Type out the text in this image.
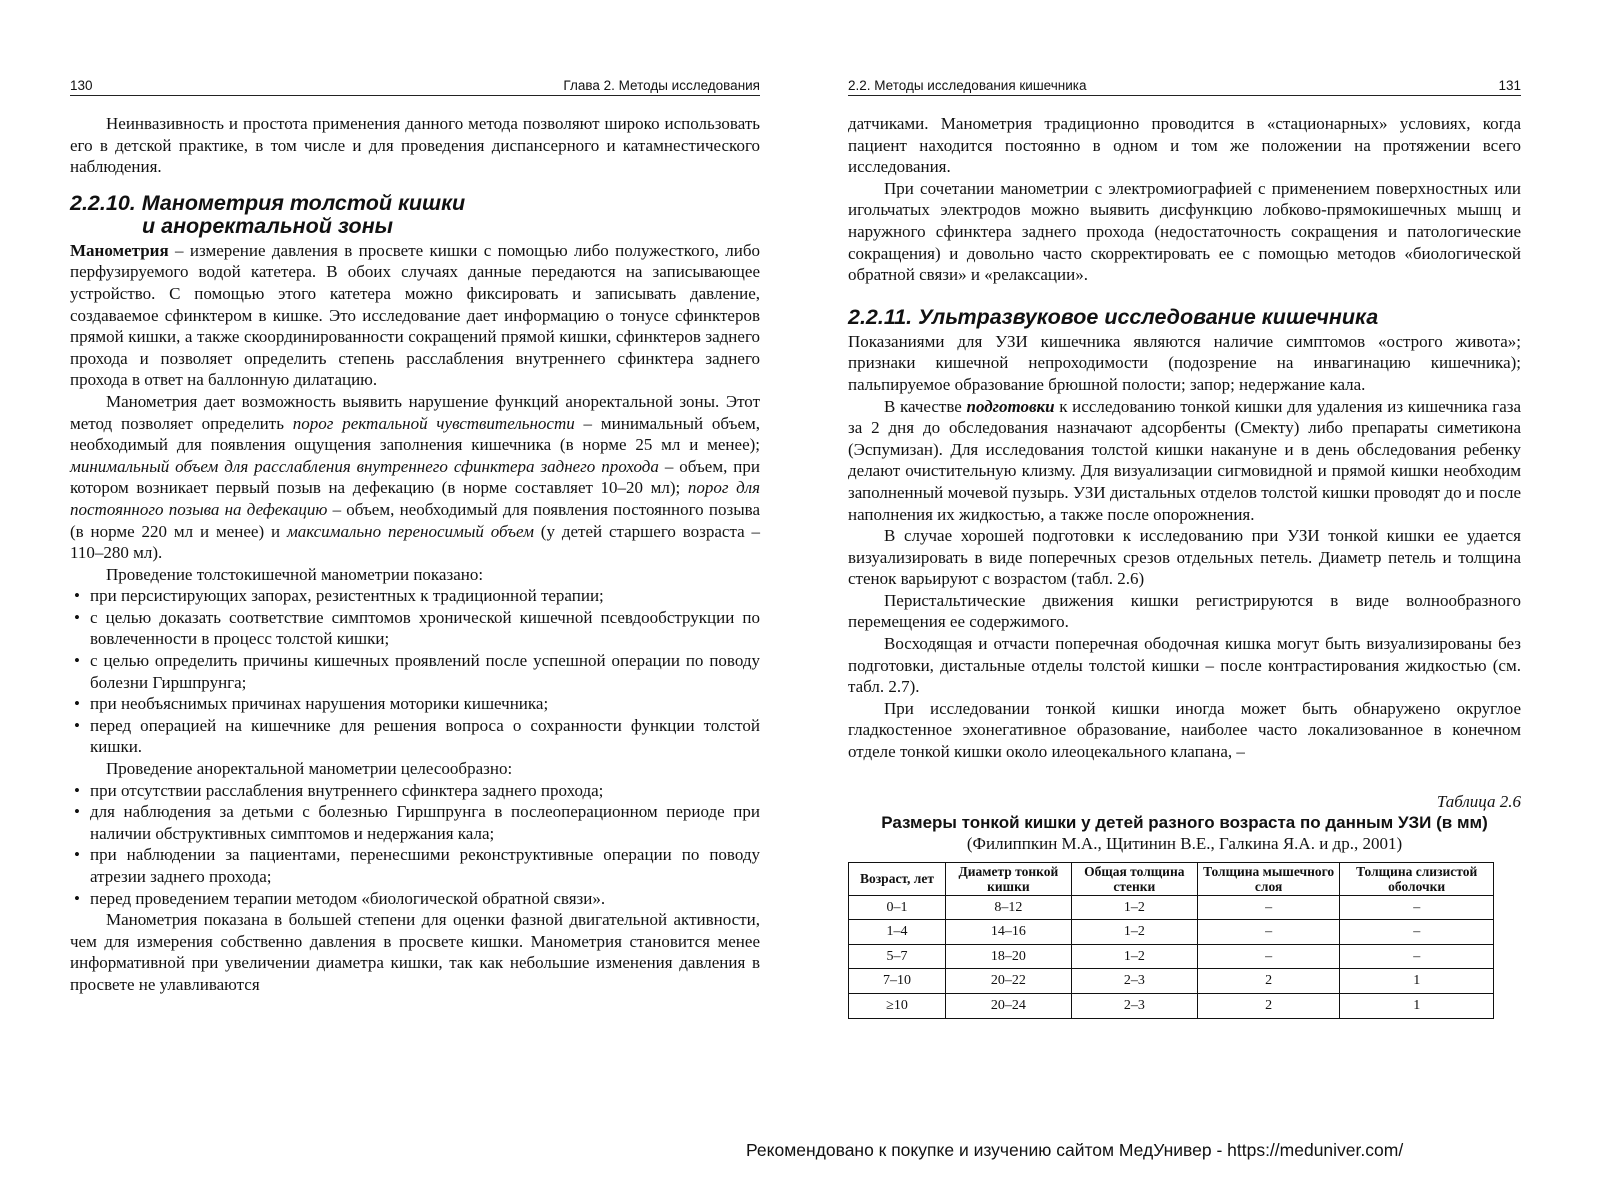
130	Глава 2. Методы исследования

Неинвазивность и простота применения данного метода позволяют широко использовать его в детской практике, в том числе и для проведения диспансерного и катамнестического наблюдения.

2.2.10. Манометрия толстой кишки
и аноректальной зоны

Манометрия – измерение давления в просвете кишки с помощью либо полужесткого, либо перфузируемого водой катетера. В обоих случаях данные передаются на записывающее устройство. С помощью этого катетера можно фиксировать и записывать давление, создаваемое сфинктером в кишке. Это исследование дает информацию о тонусе сфинктеров прямой кишки, а также скоординированности сокращений прямой кишки, сфинктеров заднего прохода и позволяет определить степень расслабления внутреннего сфинктера заднего прохода в ответ на баллонную дилатацию.

Манометрия дает возможность выявить нарушение функций аноректальной зоны. Этот метод позволяет определить порог ректальной чувствительности – минимальный объем, необходимый для появления ощущения заполнения кишечника (в норме 25 мл и менее); минимальный объем для расслабления внутреннего сфинктера заднего прохода – объем, при котором возникает первый позыв на дефекацию (в норме составляет 10–20 мл); порог для постоянного позыва на дефекацию – объем, необходимый для появления постоянного позыва (в норме 220 мл и менее) и максимально переносимый объем (у детей старшего возраста – 110–280 мл).

Проведение толстокишечной манометрии показано:

• при персистирующих запорах, резистентных к традиционной терапии;
• с целью доказать соответствие симптомов хронической кишечной псевдообструкции по вовлеченности в процесс толстой кишки;
• с целью определить причины кишечных проявлений после успешной операции по поводу болезни Гиршпрунга;
• при необъяснимых причинах нарушения моторики кишечника;
• перед операцией на кишечнике для решения вопроса о сохранности функции толстой кишки.

Проведение аноректальной манометрии целесообразно:

• при отсутствии расслабления внутреннего сфинктера заднего прохода;
• для наблюдения за детьми с болезнью Гиршпрунга в послеоперационном периоде при наличии обструктивных симптомов и недержания кала;
• при наблюдении за пациентами, перенесшими реконструктивные операции по поводу атрезии заднего прохода;
• перед проведением терапии методом «биологической обратной связи».

Манометрия показана в большей степени для оценки фазной двигательной активности, чем для измерения собственно давления в просвете кишки. Манометрия становится менее информативной при увеличении диаметра кишки, так как небольшие изменения давления в просвете не улавливаются

2.2. Методы исследования кишечника	131

датчиками. Манометрия традиционно проводится в «стационарных» условиях, когда пациент находится постоянно в одном и том же положении на протяжении всего исследования.

При сочетании манометрии с электромиографией с применением поверхностных или игольчатых электродов можно выявить дисфункцию лобково-прямокишечных мышц и наружного сфинктера заднего прохода (недостаточность сокращения и патологические сокращения) и довольно часто скорректировать ее с помощью методов «биологической обратной связи» и «релаксации».

2.2.11. Ультразвуковое исследование кишечника

Показаниями для УЗИ кишечника являются наличие симптомов «острого живота»; признаки кишечной непроходимости (подозрение на инвагинацию кишечника); пальпируемое образование брюшной полости; запор; недержание кала.

В качестве подготовки к исследованию тонкой кишки для удаления из кишечника газа за 2 дня до обследования назначают адсорбенты (Смекту) либо препараты симетикона (Эспумизан). Для исследования толстой кишки накануне и в день обследования ребенку делают очистительную клизму. Для визуализации сигмовидной и прямой кишки необходим заполненный мочевой пузырь. УЗИ дистальных отделов толстой кишки проводят до и после наполнения их жидкостью, а также после опорожнения.

В случае хорошей подготовки к исследованию при УЗИ тонкой кишки ее удается визуализировать в виде поперечных срезов отдельных петель. Диаметр петель и толщина стенок варьируют с возрастом (табл. 2.6)

Перистальтические движения кишки регистрируются в виде волнообразного перемещения ее содержимого.

Восходящая и отчасти поперечная ободочная кишка могут быть визуализированы без подготовки, дистальные отделы толстой кишки – после контрастирования жидкостью (см. табл. 2.7).

При исследовании тонкой кишки иногда может быть обнаружено округлое гладкостенное эхонегативное образование, наиболее часто локализованное в конечном отделе тонкой кишки около илеоцекального клапана, –

Таблица 2.6
Размеры тонкой кишки у детей разного возраста по данным УЗИ (в мм)
(Филиппкин М.А., Щитинин В.Е., Галкина Я.А. и др., 2001)
Возраст, лет	Диаметр тонкой кишки	Общая толщина стенки	Толщина мышечного слоя	Толщина слизистой оболочки
0–1	8–12	1–2	–	–
1–4	14–16	1–2	–	–
5–7	18–20	1–2	–	–
7–10	20–22	2–3	2	1
≥10	20–24	2–3	2	1
Рекомендовано к покупке и изучению сайтом МедУнивер - https://meduniver.com/
